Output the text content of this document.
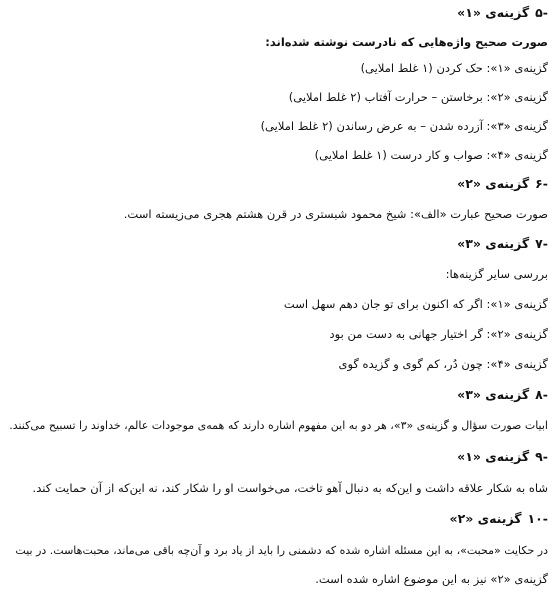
-۵گزینه‌ی «۱»
صورت صحیح واژه‌هایی که نادرست نوشته شده‌اند:
گزینه‌ی «۱»: حک کردن (۱ غلط املایی)
گزینه‌ی «۲»: برخاستن – حرارت آفتاب (۲ غلط املایی)
گزینه‌ی «۳»: آزرده شدن – به عرض رساندن (۲ غلط املایی)
گزینه‌ی «۴»: صواب و کار درست (۱ غلط املایی)
-۶گزینه‌ی «۲»
صورت صحیح عبارت «الف»: شیخ محمود شبستری در قرن هشتم هجری می‌زیسته است.
-۷گزینه‌ی «۳»
بررسی سایر گزینه‌ها:
گزینه‌ی «۱»: اگر که اکنون برای تو جان دهم سهل است
گزینه‌ی «۲»: گر اختیار جهانی به دست من بود
گزینه‌ی «۴»: چون دُر، کم گوی و گزیده گوی
-۸گزینه‌ی «۳»
ابیات صورت سؤال و گزینه‌ی «۳»، هر دو به این مفهوم اشاره دارند که همه‌ی موجودات عالم، خداوند را تسبیح می‌کنند.
-۹گزینه‌ی «۱»
شاه به شکار علاقه داشت و این‌که به دنبال آهو تاخت، می‌خواست او را شکار کند، نه این‌که از آن حمایت کند.
-۱۰گزینه‌ی «۲»
در حکایت «محبت»، به این مسئله اشاره شده که دشمنی را باید از یاد برد و آن‌چه باقی می‌ماند، محبت‌هاست. در بیت
گزینه‌ی «۲» نیز به این موضوع اشاره شده است.
